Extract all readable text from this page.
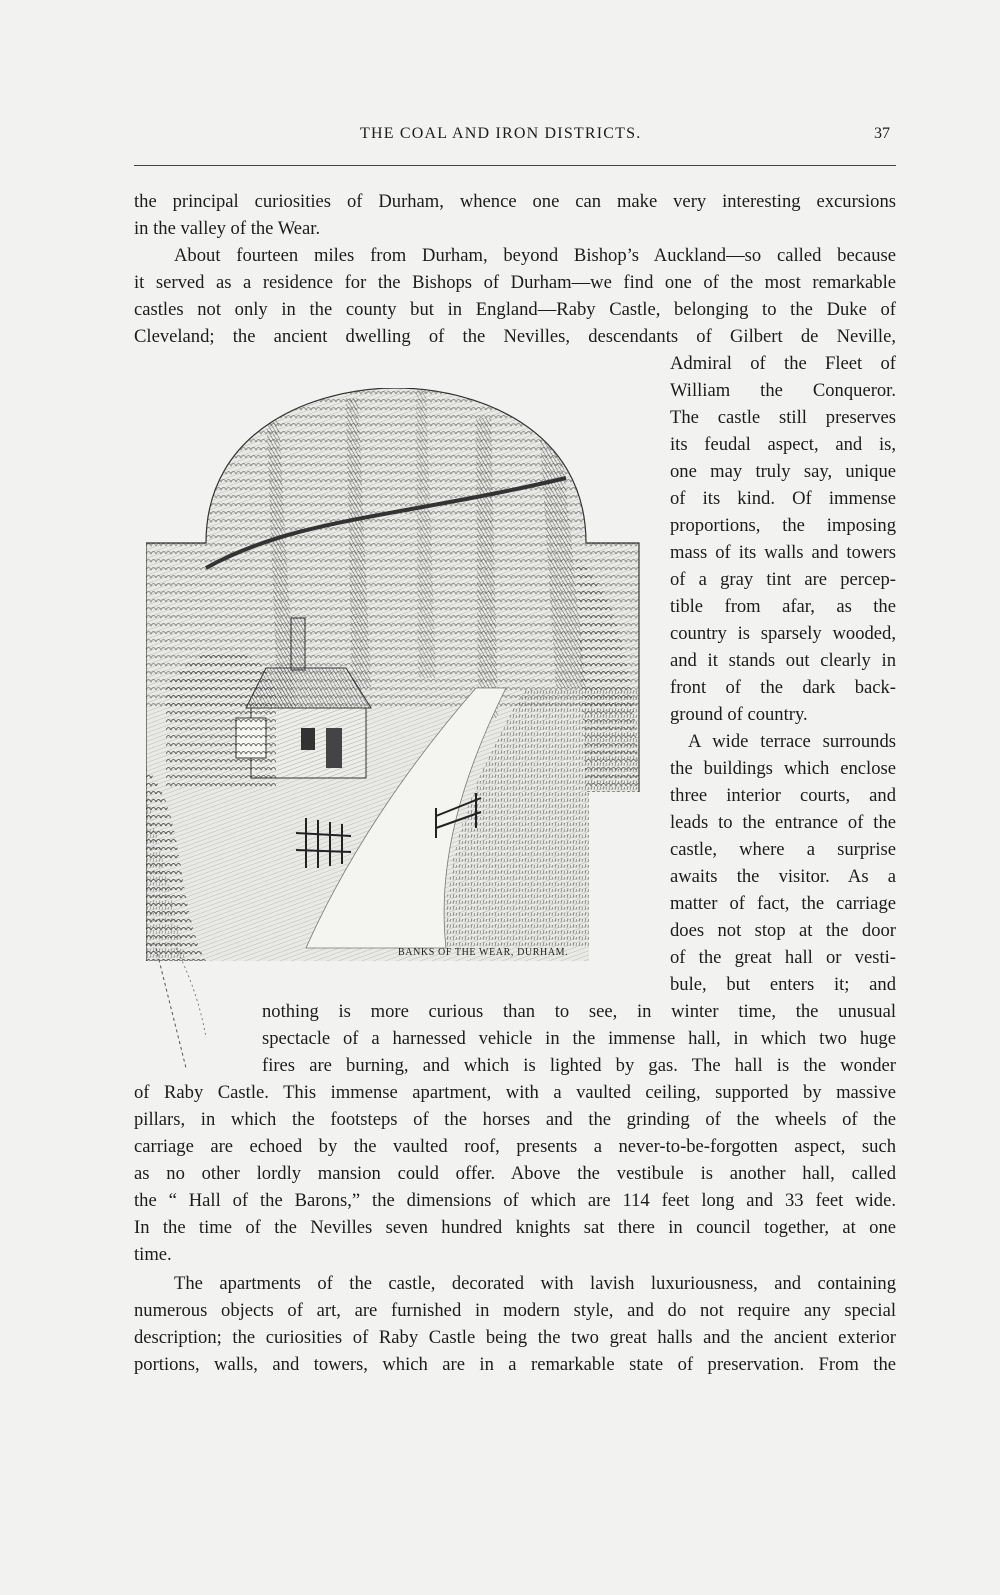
THE COAL AND IRON DISTRICTS.	37
BANKS OF THE WEAR, DURHAM.

the principal curiosities of Durham, whence one can make very interesting excursions

in the valley of the Wear.

About fourteen miles from Durham, beyond Bishop’s Auckland—so called because

it served as a residence for the Bishops of Durham—we find one of the most remarkable

castles not only in the county but in England—Raby Castle, belonging to the Duke of

Cleveland; the ancient dwelling of the Nevilles, descendants of Gilbert de Neville,

Admiral of the Fleet of

William the Conqueror.

The castle still preserves

its feudal aspect, and is,

one may truly say, unique

of its kind. Of immense

proportions, the imposing

mass of its walls and towers

of a gray tint are percep-

tible from afar, as the

country is sparsely wooded,

and it stands out clearly in

front of the dark back-

ground of country.

A wide terrace surrounds

the buildings which enclose

three interior courts, and

leads to the entrance of the

castle, where a surprise

awaits the visitor. As a

matter of fact, the carriage

does not stop at the door

of the great hall or vesti-

bule, but enters it; and

nothing is more curious than to see, in winter time, the unusual

spectacle of a harnessed vehicle in the immense hall, in which two huge

fires are burning, and which is lighted by gas. The hall is the wonder

of Raby Castle. This immense apartment, with a vaulted ceiling, supported by massive

pillars, in which the footsteps of the horses and the grinding of the wheels of the

carriage are echoed by the vaulted roof, presents a never-to-be-forgotten aspect, such

as no other lordly mansion could offer. Above the vestibule is another hall, called

the “ Hall of the Barons,” the dimensions of which are 114 feet long and 33 feet wide.

In the time of the Nevilles seven hundred knights sat there in council together, at one

time.

The apartments of the castle, decorated with lavish luxuriousness, and containing

numerous objects of art, are furnished in modern style, and do not require any special

description; the curiosities of Raby Castle being the two great halls and the ancient exterior

portions, walls, and towers, which are in a remarkable state of preservation. From the
